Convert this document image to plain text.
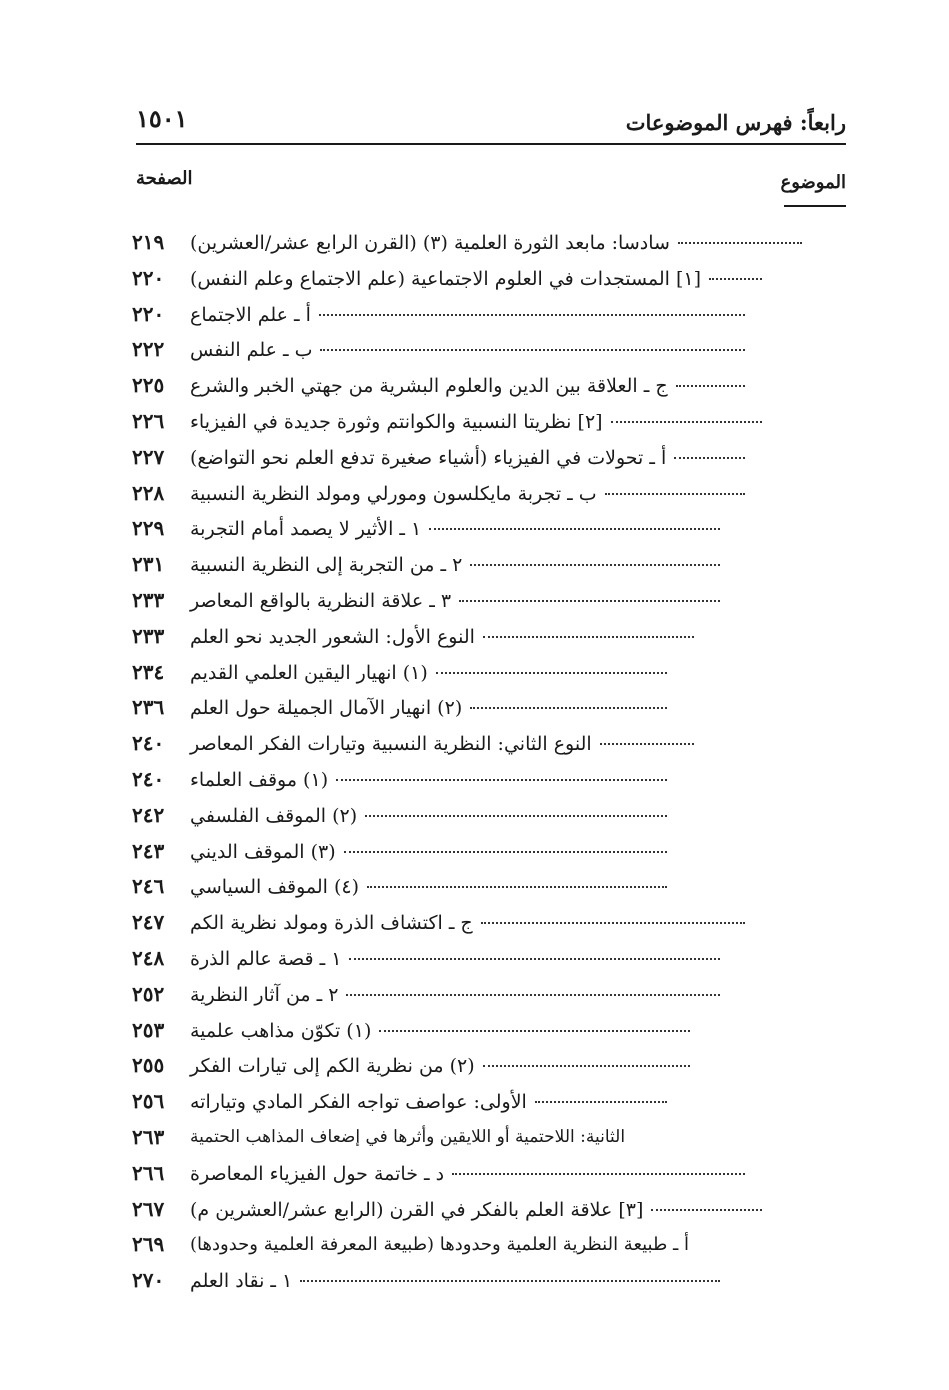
رابعاً: فهرس الموضوعات
١٥٠١
الموضوع
الصفحة
٢١٩	سادسا: مابعد الثورة العلمية (٣) (القرن الرابع عشر/العشرين)
٢٢٠	[١] المستجدات في العلوم الاجتماعية (علم الاجتماع وعلم النفس)
٢٢٠	أ ـ علم الاجتماع
٢٢٢	ب ـ علم النفس
٢٢٥	ج ـ العلاقة بين الدين والعلوم البشرية من جهتي الخبر والشرع
٢٢٦	[٢] نظريتا النسبية والكوانتم وثورة جديدة في الفيزياء
٢٢٧	أ ـ تحولات في الفيزياء (أشياء صغيرة تدفع العلم نحو التواضع)
٢٢٨	ب ـ تجربة مايكلسون ومورلي ومولد النظرية النسبية
٢٢٩	١ ـ الأثير لا يصمد أمام التجربة
٢٣١	٢ ـ من التجربة إلى النظرية النسبية
٢٣٣	٣ ـ علاقة النظرية بالواقع المعاصر
٢٣٣	النوع الأول: الشعور الجديد نحو العلم
٢٣٤	(١) انهيار اليقين العلمي القديم
٢٣٦	(٢) انهيار الآمال الجميلة حول العلم
٢٤٠	النوع الثاني: النظرية النسبية وتيارات الفكر المعاصر
٢٤٠	(١) موقف العلماء
٢٤٢	(٢) الموقف الفلسفي
٢٤٣	(٣) الموقف الديني
٢٤٦	(٤) الموقف السياسي
٢٤٧	ج ـ اكتشاف الذرة ومولد نظرية الكم
٢٤٨	١ ـ قصة عالم الذرة
٢٥٢	٢ ـ من آثار النظرية
٢٥٣	(١) تكوّن مذاهب علمية
٢٥٥	(٢) من نظرية الكم إلى تيارات الفكر
٢٥٦	الأولى: عواصف تواجه الفكر المادي وتياراته
٢٦٣	الثانية: اللاحتمية أو اللايقين وأثرها في إضعاف المذاهب الحتمية
٢٦٦	د ـ خاتمة حول الفيزياء المعاصرة
٢٦٧	[٣] علاقة العلم بالفكر في القرن (الرابع عشر/العشرين م)
٢٦٩	أ ـ طبيعة النظرية العلمية وحدودها (طبيعة المعرفة العلمية وحدودها)
٢٧٠	١ ـ نقاد العلم
